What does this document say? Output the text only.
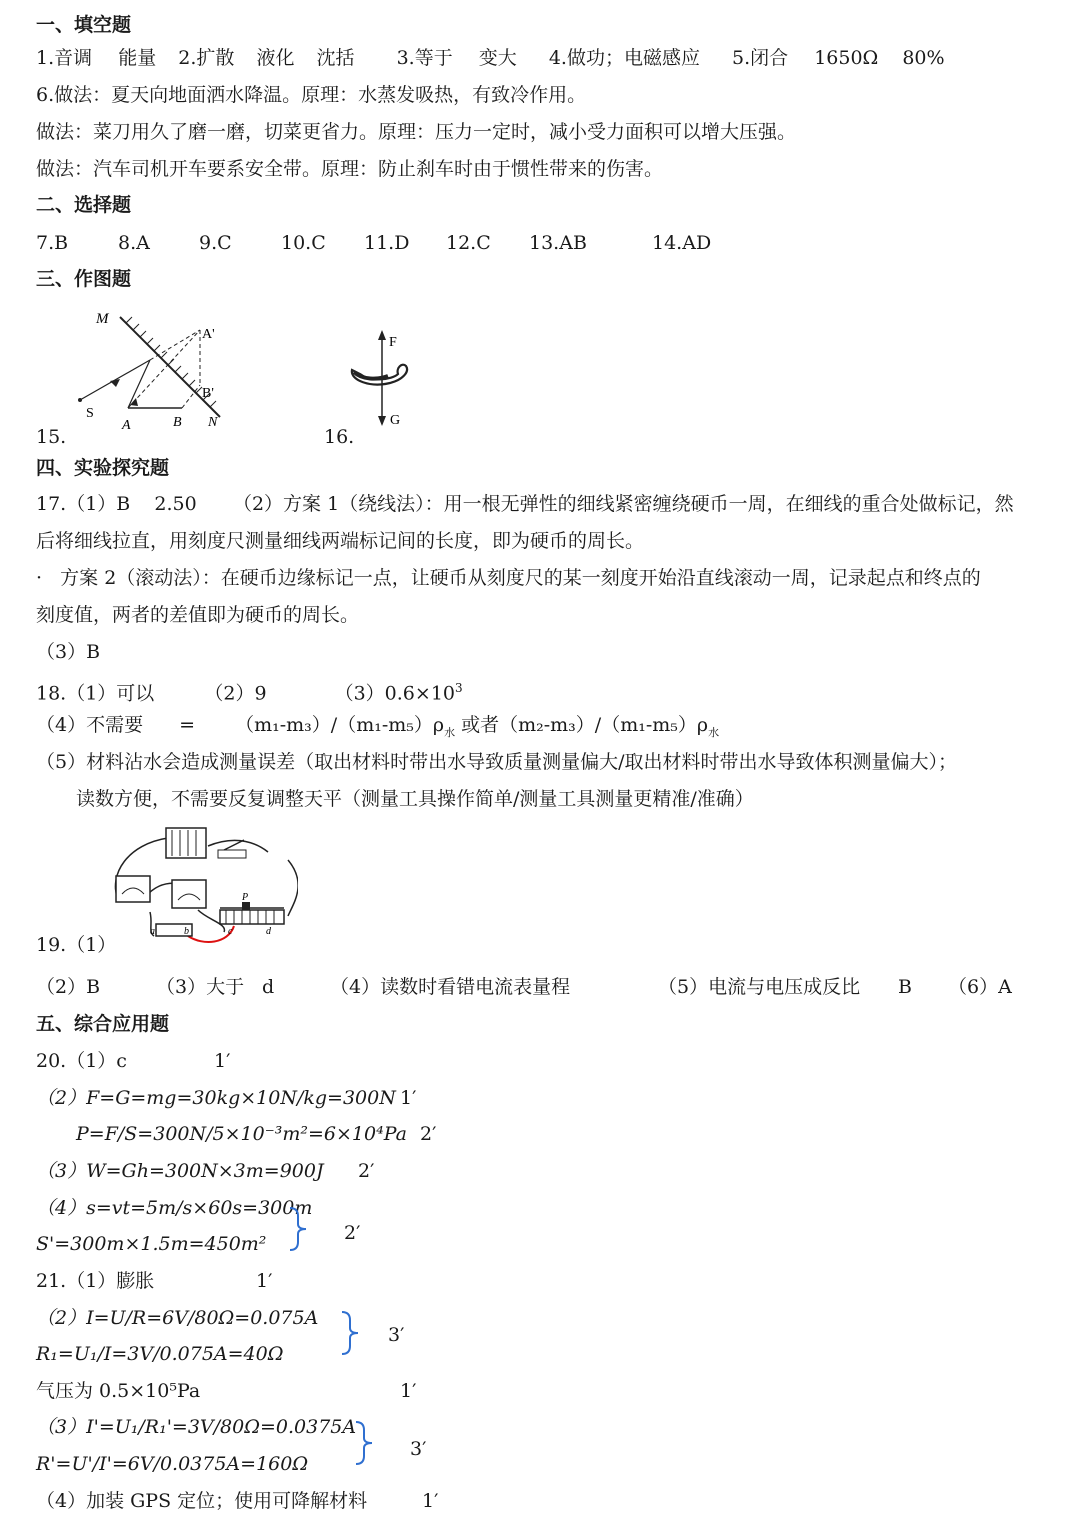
一、填空题
1.音调 能量 2.扩散 液化 沈括 3.等于 变大 4.做功；电磁感应 5.闭合 1650Ω 80%
6.做法：夏天向地面洒水降温。原理：水蒸发吸热，有致冷作用。
做法：菜刀用久了磨一磨，切菜更省力。原理：压力一定时，减小受力面积可以增大压强。
做法：汽车司机开车要系安全带。原理：防止刹车时由于惯性带来的伤害。
二、选择题
7.B	8.A	9.C	10.C 11.D 12.C 13.AB	14.AD
三、作图题
M
A'
B'
S
A	B N
15.
F
G
16.
四、实验探究题
17.（1）B    2.50      （2）方案 1（绕线法）：用一根无弹性的细线紧密缠绕硬币一周，在细线的重合处做标记，然
后将细线拉直，用刻度尺测量细线两端标记间的长度，即为硬币的周长。
·   方案 2（滚动法）：在硬币边缘标记一点，让硬币从刻度尺的某一刻度开始沿直线滚动一周，记录起点和终点的
刻度值，两者的差值即为硬币的周长。
（3）B
18.（1）可以	（2）9	$(3)0.6\times 10^3$
（4）不需要 = $(m_1-m_3)/(m_1-m_5)\rho_水$ 或者$(m_2-m_3)/(m_1-m_5)\rho_水$
（5）材料沾水会造成测量误差（取出材料时带出水导致质量测量偏大/取出材料时带出水导致体积测量偏大）；
读数方便，不需要反复调整天平（测量工具操作简单/测量工具测量更精准/准确）
P
a	b	c	d
19.（1）
（2）B	（3）大于 d	（4）读数时看错电流表量程	（5）电流与电压成反比 B （6）A
五、综合应用题
20.（1）c	1′
（2）F=G=mg=30kg×10N/kg=300N 1′
P=F/S=300N/5×10⁻³m²=6×10⁴Pa 2′
（3）W=Gh=300N×3m=900J 2′
（4）s=vt=5m/s×60s=300m
S'=300m×1.5m=450m²	2′
21.（1）膨胀	1′
（2）I=U/R=6V/80Ω=0.075A
R₁=U₁/I=3V/0.075A=40Ω
3′
气压为 0.5×10⁵Pa	1′
（3）I'=U₁/R₁'=3V/80Ω=0.0375A
R'=U'/I'=6V/0.0375A=160Ω
3′
（4）加装 GPS 定位；使用可降解材料	1′
